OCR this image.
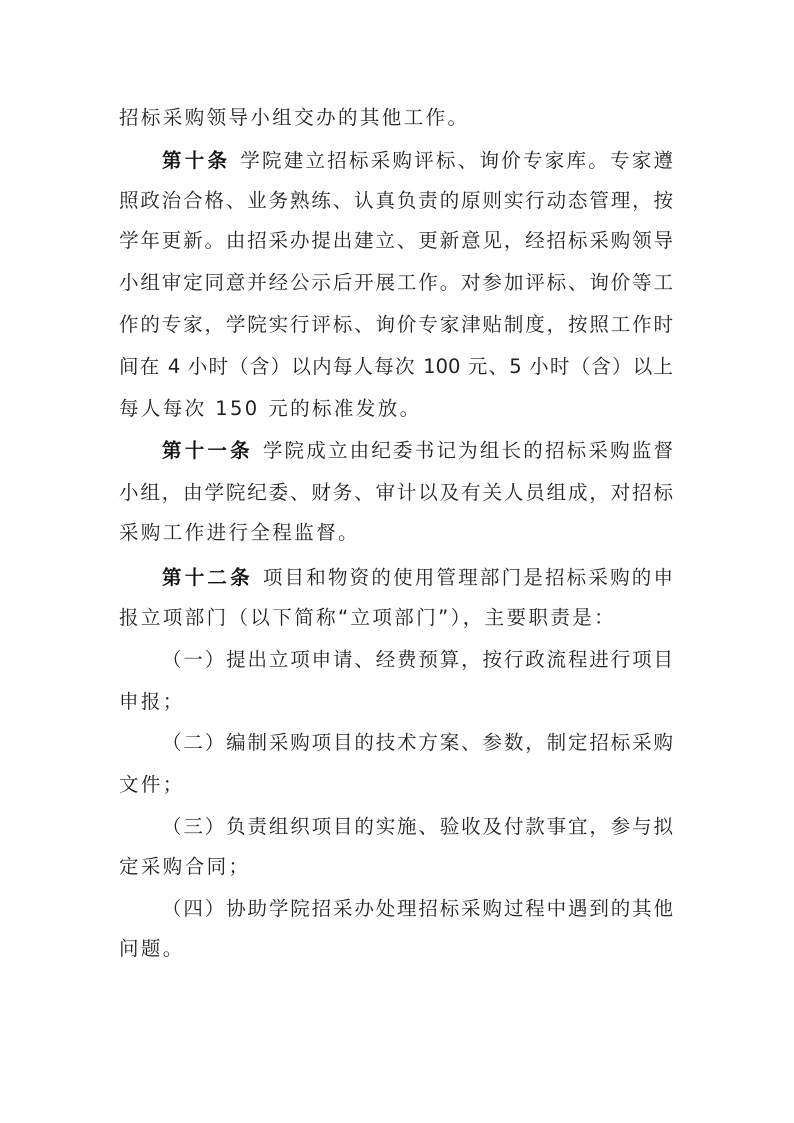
招标采购领导小组交办的其他工作。
第十条 学院建立招标采购评标、询价专家库。专家遵
照政治合格、业务熟练、认真负责的原则实行动态管理，按
学年更新。由招采办提出建立、更新意见，经招标采购领导
小组审定同意并经公示后开展工作。对参加评标、询价等工
作的专家，学院实行评标、询价专家津贴制度，按照工作时
间在 4 小时（含）以内每人每次 100 元、5 小时（含）以上
每人每次 150 元的标准发放。
第十一条 学院成立由纪委书记为组长的招标采购监督
小组，由学院纪委、财务、审计以及有关人员组成，对招标
采购工作进行全程监督。
第十二条 项目和物资的使用管理部门是招标采购的申
报立项部门（以下简称“立项部门”），主要职责是：
（一）提出立项申请、经费预算，按行政流程进行项目
申报；
（二）编制采购项目的技术方案、参数，制定招标采购
文件；
（三）负责组织项目的实施、验收及付款事宜，参与拟
定采购合同；
（四）协助学院招采办处理招标采购过程中遇到的其他
问题。
